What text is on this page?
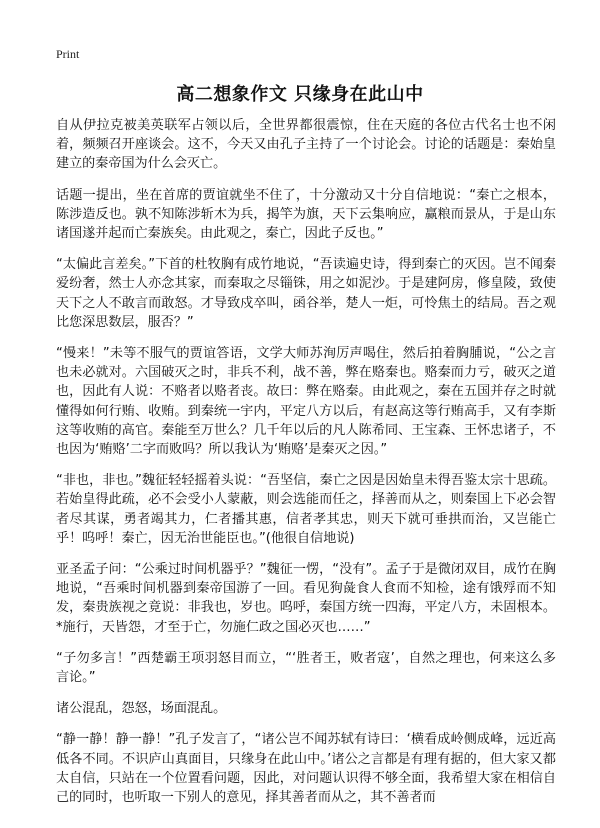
Print
高二想象作文 只缘身在此山中

自从伊拉克被美英联军占领以后，全世界都很震惊，住在天庭的各位古代名士也不闲着，频频召开座谈会。这不，今天又由孔子主持了一个讨论会。讨论的话题是：秦始皇建立的秦帝国为什么会灭亡。

话题一提出，坐在首席的贾谊就坐不住了，十分激动又十分自信地说：“秦亡之根本，陈涉造反也。孰不知陈涉斩木为兵，揭竿为旗，天下云集响应，赢粮而景从，于是山东诸国遂并起而亡秦族矣。由此观之，秦亡，因此子反也。”

“太偏此言差矣。”下首的杜牧胸有成竹地说，“吾读遍史诗，得到秦亡的灭因。岂不闻秦爱纷奢，然士人亦念其家，而秦取之尽锱铢，用之如泥沙。于是建阿房，修皇陵，致使天下之人不敢言而敢怒。才导致戍卒叫，函谷举，楚人一炬，可怜焦土的结局。吾之观比您深思数层，服否？”

“慢来！”未等不服气的贾谊答语，文学大师苏洵厉声喝住，然后拍着胸脯说，“公之言也未必就对。六国破灭之时，非兵不利，战不善，弊在赂秦也。赂秦而力亏，破灭之道也，因此有人说：不赂者以赂者丧。故曰：弊在赂秦。由此观之，秦在五国并存之时就懂得如何行贿、收贿。到秦统一宇内，平定八方以后，有赵高这等行贿高手，又有李斯这等收贿的高官。秦能至万世么？几千年以后的凡人陈希同、王宝森、王怀忠诸子，不也因为‘贿赂’二字而败吗？所以我认为‘贿赂’是秦灭之因。”

“非也，非也。”魏征轻轻摇着头说：“吾坚信，秦亡之因是因始皇未得吾鉴太宗十思疏。若始皇得此疏，必不会受小人蒙蔽，则会选能而任之，择善而从之，则秦国上下必会智者尽其谋，勇者竭其力，仁者播其惠，信者孝其忠，则天下就可垂拱而治，又岂能亡乎！呜呼！秦亡，因无治世能臣也。”(他很自信地说)

亚圣孟子问：“公乘过时间机器乎？”魏征一愣，“没有”。孟子于是微闭双目，成竹在胸地说，“吾乘时间机器到秦帝国游了一回。看见狗彘食人食而不知检，途有饿殍而不知发，秦贵族视之竟说：非我也，岁也。呜呼，秦国方统一四海，平定八方，未固根本。*施行，天皆怨，才至于亡，勿施仁政之国必灭也……”

“子勿多言！”西楚霸王项羽怒目而立，“‘胜者王，败者寇’，自然之理也，何来这么多言论。”

诸公混乱，怨怒，场面混乱。

“静一静！静一静！”孔子发言了，“诸公岂不闻苏轼有诗曰：‘横看成岭侧成峰，远近高低各不同。不识庐山真面目，只缘身在此山中。’诸公之言都是有理有据的，但大家又都太自信，只站在一个位置看问题，因此，对问题认识得不够全面，我希望大家在相信自己的同时，也听取一下别人的意见，择其善者而从之，其不善者而
